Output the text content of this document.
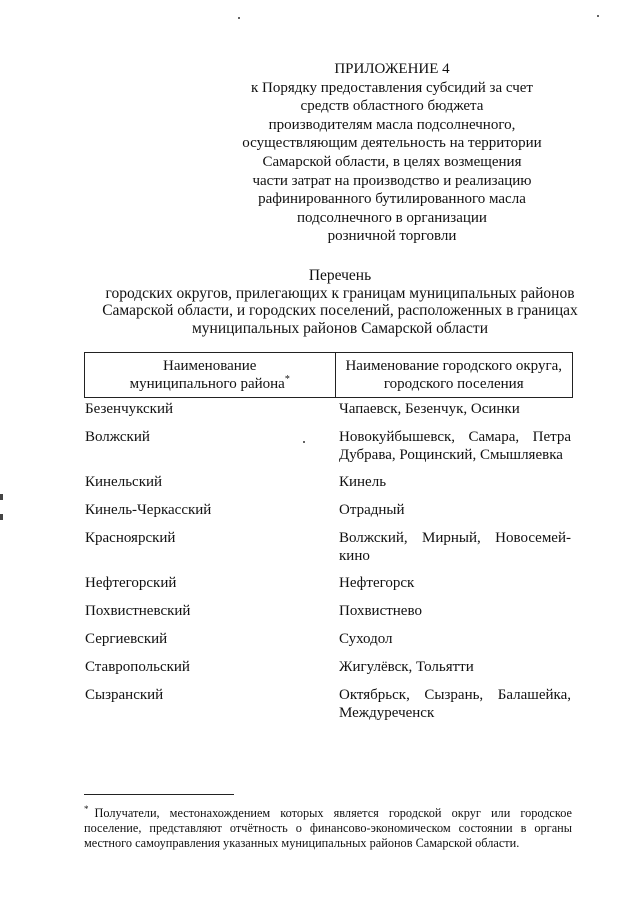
ПРИЛОЖЕНИЕ 4
к Порядку предоставления субсидий за счет
средств областного бюджета
производителям масла подсолнечного,
осуществляющим деятельность на территории
Самарской области, в целях возмещения
части затрат на производство и реализацию
рафинированного бутилированного масла
подсолнечного в организации
розничной торговли
Перечень
городских округов, прилегающих к границам муниципальных районов
Самарской области, и городских поселений, расположенных в границах
муниципальных районов Самарской области
Наименование
муниципального района*	Наименование городского округа,
городского поселения
Безенчукский	Чапаевск, Безенчук, Осинки
Волжский	Новокуйбышевск, Самара, Петра
Дубрава, Рощинский, Смышляевка
Кинельский	Кинель
Кинель-Черкасский	Отрадный
Красноярский	Волжский, Мирный, Новосемей-
кино
Нефтегорский	Нефтегорск
Похвистневский	Похвистнево
Сергиевский	Суходол
Ставропольский	Жигулёвск, Тольятти
Сызранский	Октябрьск, Сызрань, Балашейка,
Междуреченск
* Получатели, местонахождением которых является городской округ или городское
поселение, представляют отчётность о финансово-экономическом состоянии в органы
местного самоуправления указанных муниципальных районов Самарской области.
